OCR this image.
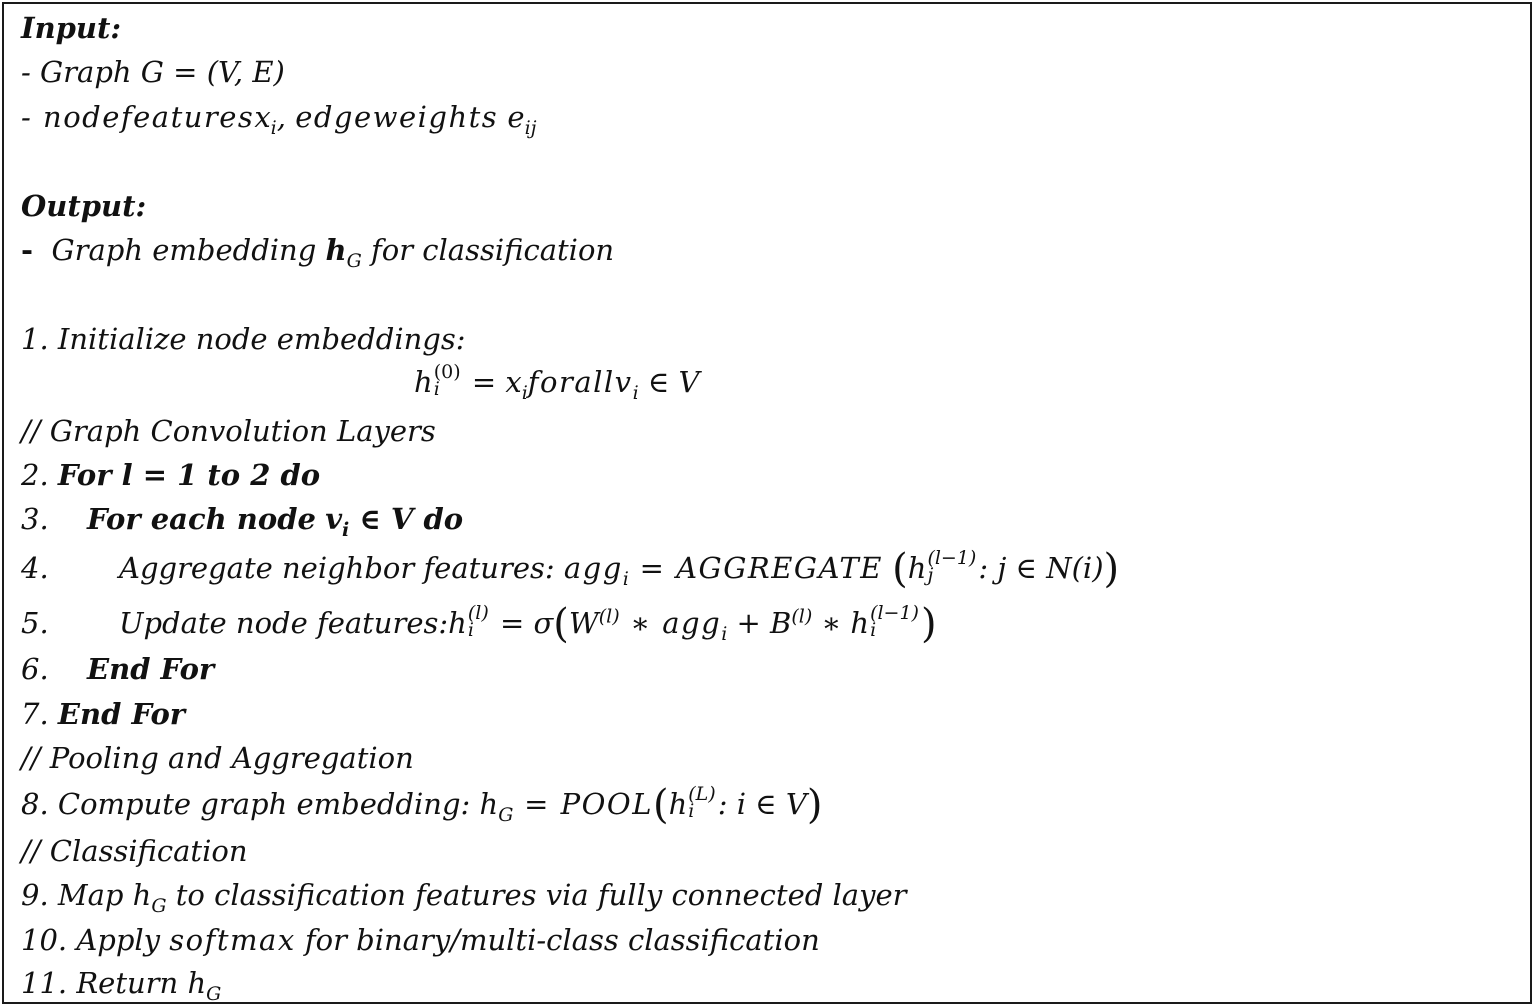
Input:
- Graph G = (V, E)
- nodefeaturesx$_i$, edgeweights $e_{ij}$
Output:
- Graph embedding $h_G$ for classification
1. Initialize node embeddings:
h (0)
$i = x_iforallv_i$ ∈ V
// Graph Convolution Layers
2. For l = 1 to 2 do
3. For each node $v_i$ ∈ V do
4. Aggregate neighbor features: agg$_i$ = AGGREGATE (h (l−1)
j	: j ∈ N(i))
5. Update node features:h (l)
$i = \sigma(W^{(l)}$ ∗ $agg_i + B^{(l)}$ ∗ h (l−1)
i	)
6. End For
7. End For
// Pooling and Aggregation
8. Compute graph embedding: $h_G$ = POOL(h (L)
i : i ∈ V)
// Classification
9. Map $h_G$ to classification features via fully connected layer
10. Apply softmax for binary/multi-class classification
11. Return $h_G$
